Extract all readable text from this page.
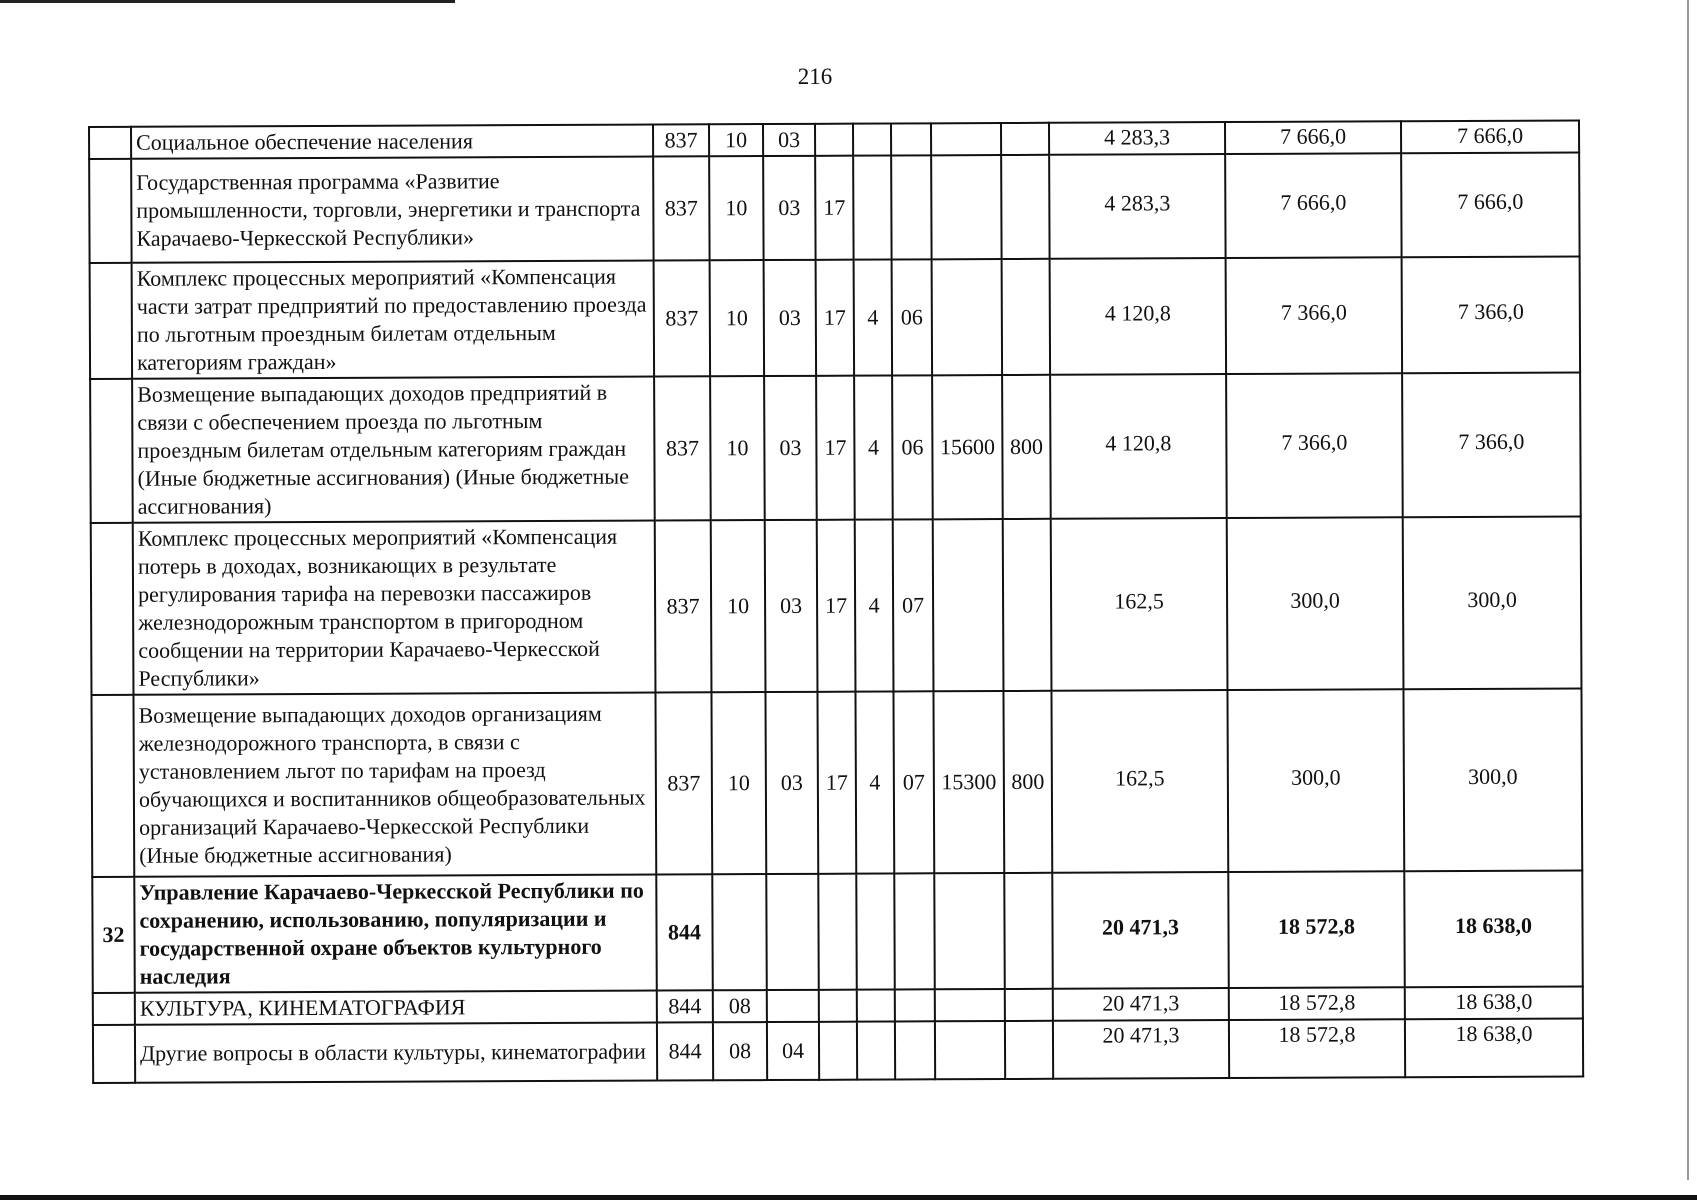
216
	Социальное обеспечение населения	837	10	03						4 283,3	7 666,0	7 666,0
	Государственная программа «Развитие промышленности, торговли, энергетики и транспорта Карачаево-Черкесской Республики»	837	10	03	17					4 283,3	7 666,0	7 666,0
	Комплекс процессных мероприятий «Компенсация части затрат предприятий по предоставлению проезда по льготным проездным билетам отдельным категориям граждан»	837	10	03	17	4	06			4 120,8	7 366,0	7 366,0
	Возмещение выпадающих доходов предприятий в связи с обеспечением проезда по льготным проездным билетам отдельным категориям граждан (Иные бюджетные ассигнования) (Иные бюджетные ассигнования)	837	10	03	17	4	06	15600	800	4 120,8	7 366,0	7 366,0
	Комплекс процессных мероприятий «Компенсация потерь в доходах, возникающих в результате регулирования тарифа на перевозки пассажиров железнодорожным транспортом в пригородном сообщении на территории Карачаево-Черкесской Республики»	837	10	03	17	4	07			162,5	300,0	300,0
	Возмещение выпадающих доходов организациям железнодорожного транспорта, в связи с установлением льгот по тарифам на проезд обучающихся и воспитанников общеобразовательных организаций Карачаево-Черкесской Республики (Иные бюджетные ассигнования)	837	10	03	17	4	07	15300	800	162,5	300,0	300,0
32	Управление Карачаево-Черкесской Республики по сохранению, использованию, популяризации и государственной охране объектов культурного наследия	844								20 471,3	18 572,8	18 638,0
	КУЛЬТУРА, КИНЕМАТОГРАФИЯ	844	08							20 471,3	18 572,8	18 638,0
	Другие вопросы в области культуры, кинематографии	844	08	04						20 471,3	18 572,8	18 638,0
